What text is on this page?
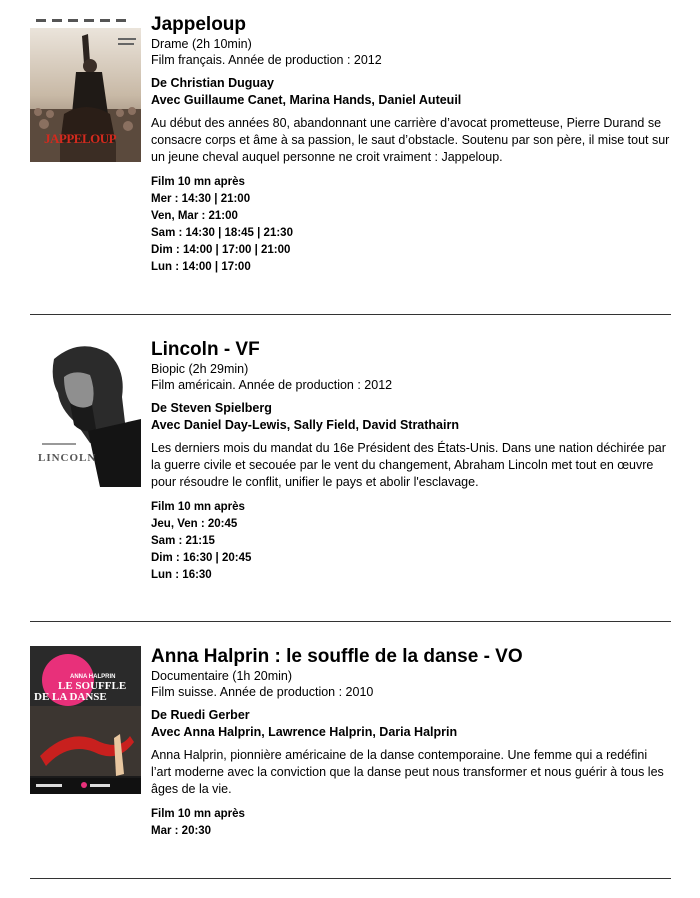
JAPPELOUP
Jappeloup
Drame (2h 10min)
Film français. Année de production : 2012
De Christian Duguay
Avec Guillaume Canet, Marina Hands, Daniel Auteuil
Au début des années 80, abandonnant une carrière d’avocat prometteuse, Pierre Durand se consacre corps et âme à sa passion, le saut d’obstacle. Soutenu par son père, il mise tout sur un jeune cheval auquel personne ne croit vraiment : Jappeloup.
Film 10 mn après
Mer : 14:30 | 21:00
Ven, Mar : 21:00
Sam : 14:30 | 18:45 | 21:30
Dim : 14:00 | 17:00 | 21:00
Lun : 14:00 | 17:00
LINCOLN
Lincoln - VF
Biopic (2h 29min)
Film américain. Année de production : 2012
De Steven Spielberg
Avec Daniel Day-Lewis, Sally Field, David Strathairn
Les derniers mois du mandat du 16e Président des États-Unis. Dans une nation déchirée par la guerre civile et secouée par le vent du changement, Abraham Lincoln met tout en œuvre pour résoudre le conflit, unifier le pays et abolir l'esclavage.
Film 10 mn après
Jeu, Ven : 20:45
Sam : 21:15
Dim : 16:30 | 20:45
Lun : 16:30
ANNA HALPRIN
LE SOUFFLE
DE LA DANSE
Anna Halprin : le souffle de la danse - VO
Documentaire (1h 20min)
Film suisse. Année de production : 2010
De Ruedi Gerber
Avec Anna Halprin, Lawrence Halprin, Daria Halprin
Anna Halprin, pionnière américaine de la danse contemporaine. Une femme qui a redéfini l’art moderne avec la conviction que la danse peut nous transformer et nous guérir à tous les âges de la vie.
Film 10 mn après
Mar : 20:30
